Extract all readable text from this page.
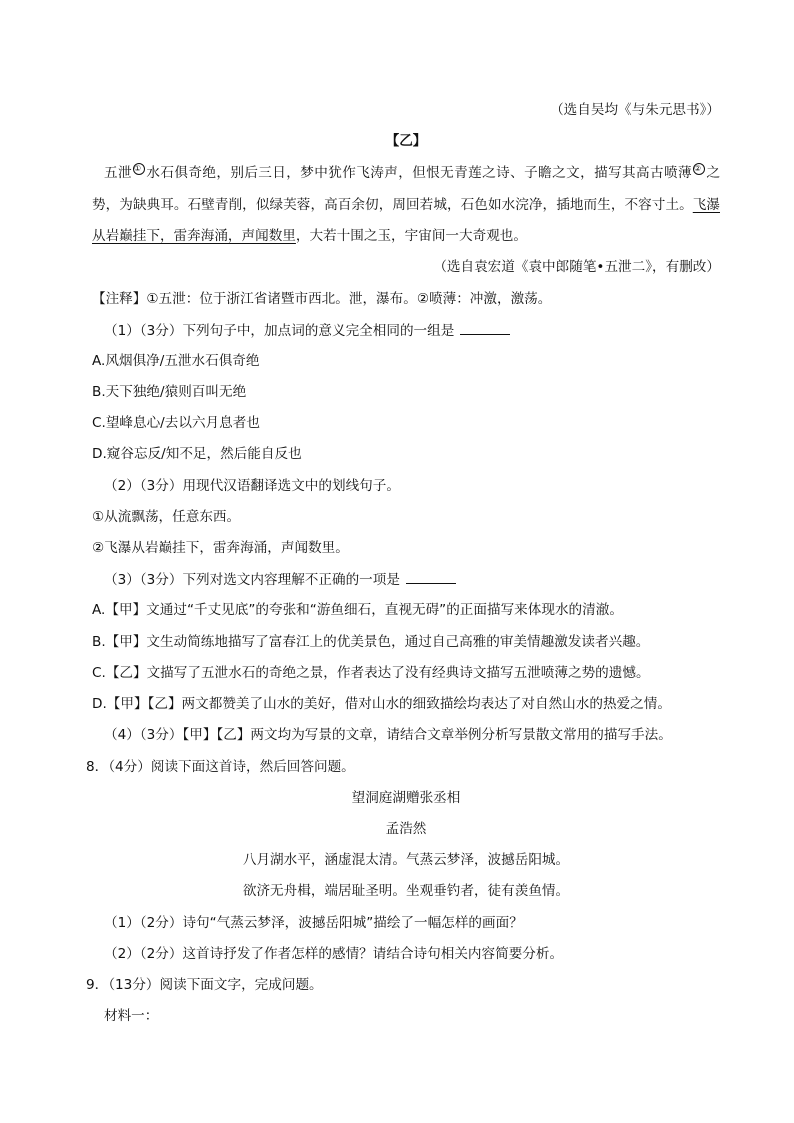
（选自吴均《与朱元思书》）
【乙】
五泄 ① 水石俱奇绝，别后三日，梦中犹作飞涛声，但恨无青莲之诗、子瞻之文，描写其高古喷薄 ② 之
势，为缺典耳。石壁青削，似绿芙蓉，高百余仞，周回若城，石色如水浣净，插地而生，不容寸土。飞瀑
从岩巅挂下，雷奔海涌，声闻数里，大若十围之玉，宇宙间一大奇观也。
（选自袁宏道《袁中郎随笔•五泄二》，有删改）
【注释】①五泄：位于浙江省诸暨市西北。泄，瀑布。②喷薄：冲激，激荡。
（1）（3分）下列句子中，加点词的意义完全相同的一组是
A.风烟俱净/五泄水石俱奇绝
B.天下独绝/猿则百叫无绝
C.望峰息心/去以六月息者也
D.窥谷忘反/知不足，然后能自反也
（2）（3分）用现代汉语翻译选文中的划线句子。
①从流飘荡，任意东西。
②飞瀑从岩巅挂下，雷奔海涌，声闻数里。
（3）（3分）下列对选文内容理解不正确的一项是
A.【甲】文通过“千丈见底”的夸张和“游鱼细石，直视无碍”的正面描写来体现水的清澈。
B.【甲】文生动简练地描写了富春江上的优美景色，通过自己高雅的审美情趣激发读者兴趣。
C.【乙】文描写了五泄水石的奇绝之景，作者表达了没有经典诗文描写五泄喷薄之势的遗憾。
D.【甲】【乙】两文都赞美了山水的美好，借对山水的细致描绘均表达了对自然山水的热爱之情。
（4）（3分）【甲】【乙】两文均为写景的文章，请结合文章举例分析写景散文常用的描写手法。
8．（4分）阅读下面这首诗，然后回答问题。
望洞庭湖赠张丞相
孟浩然
八月湖水平，涵虚混太清。气蒸云梦泽，波撼岳阳城。
欲济无舟楫，端居耻圣明。坐观垂钓者，徒有羡鱼情。
（1）（2分）诗句“气蒸云梦泽，波撼岳阳城”描绘了一幅怎样的画面？
（2）（2分）这首诗抒发了作者怎样的感情？请结合诗句相关内容简要分析。
9．（13分）阅读下面文字，完成问题。
材料一：
